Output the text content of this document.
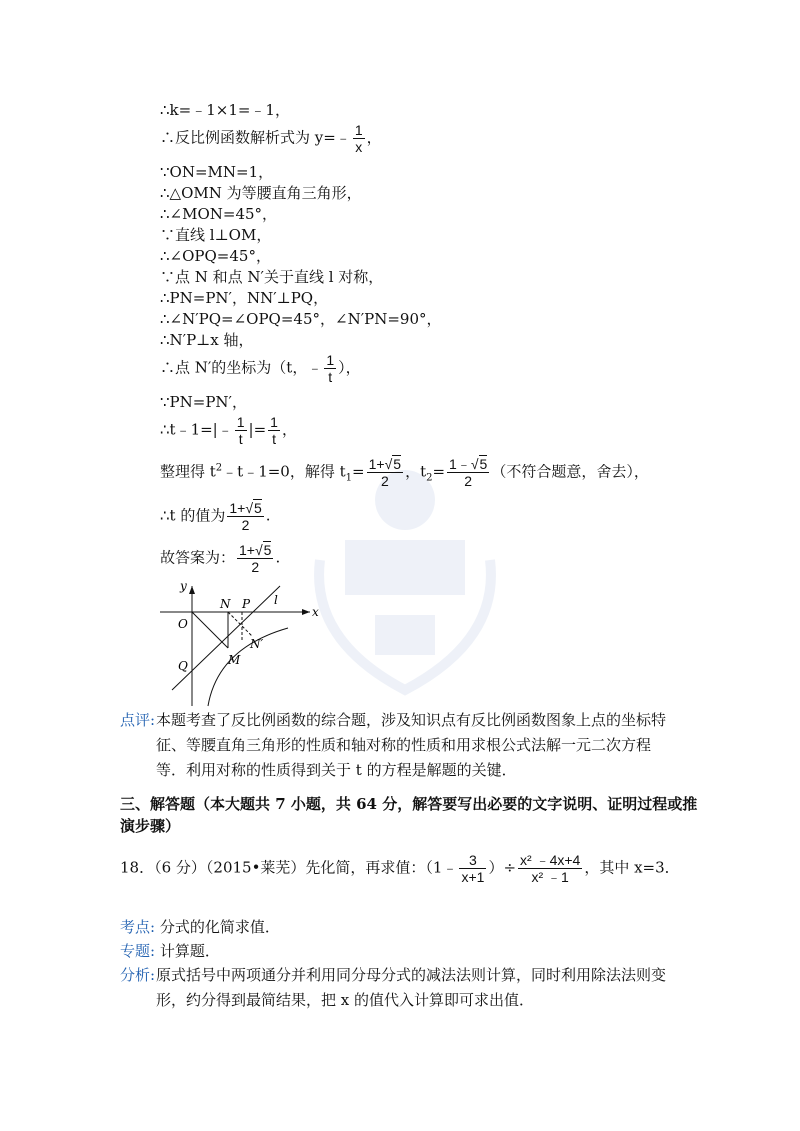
∴k=﹣1×1=﹣1，
∴反比例函数解析式为 y=﹣ $\frac{1}{x}$ ，
∵ON=MN=1，
∴△OMN 为等腰直角三角形，
∴∠MON=45°，
∵直线 l⊥OM，
∴∠OPQ=45°，
∵点 N 和点 N′关于直线 l 对称，
∴PN=PN′，NN′⊥PQ，
∴∠N′PQ=∠OPQ=45°，∠N′PN=90°，
∴N′P⊥x 轴，
∴点 N′的坐标为（t，﹣ $\frac{1}{t}$ ），
∵PN=PN′，
∴t﹣1=|﹣ $\frac{1}{t}$ |= $\frac{1}{t}$ ，
整理得 $t^2﹣t﹣1=0$，解得 $t_1= \frac{1+√5}{2}$ ，$t_2= \frac{1﹣√5}{2}$ （不符合题意，舍去），
∴t 的值为 $\frac{1+√5}{2}$ .
故答案为： $\frac{1+√5}{2}$ .
y
x
O
Q
N P l
N′
M
点评: 本题考查了反比例函数的综合题，涉及知识点有反比例函数图象上点的坐标特征、等腰直角三角形的性质和轴对称的性质和用求根公式法解一元二次方程等．利用对称的性质得到关于 t 的方程是解题的关键．
三、解答题（本大题共 7 小题，共 64 分，解答要写出必要的文字说明、证明过程或推演步骤）
18．（6 分）（2015•莱芜）先化简，再求值：（1﹣ $\frac{3}{x+1}$ ）÷ $\frac{\text{x² ﹣4x+4}}{\text{x² ﹣1}}$ ，其中 x=3．
考点: 分式的化简求值．
专题: 计算题．
分析: 原式括号中两项通分并利用同分母分式的减法法则计算，同时利用除法法则变形，约分得到最简结果，把 x 的值代入计算即可求出值．
